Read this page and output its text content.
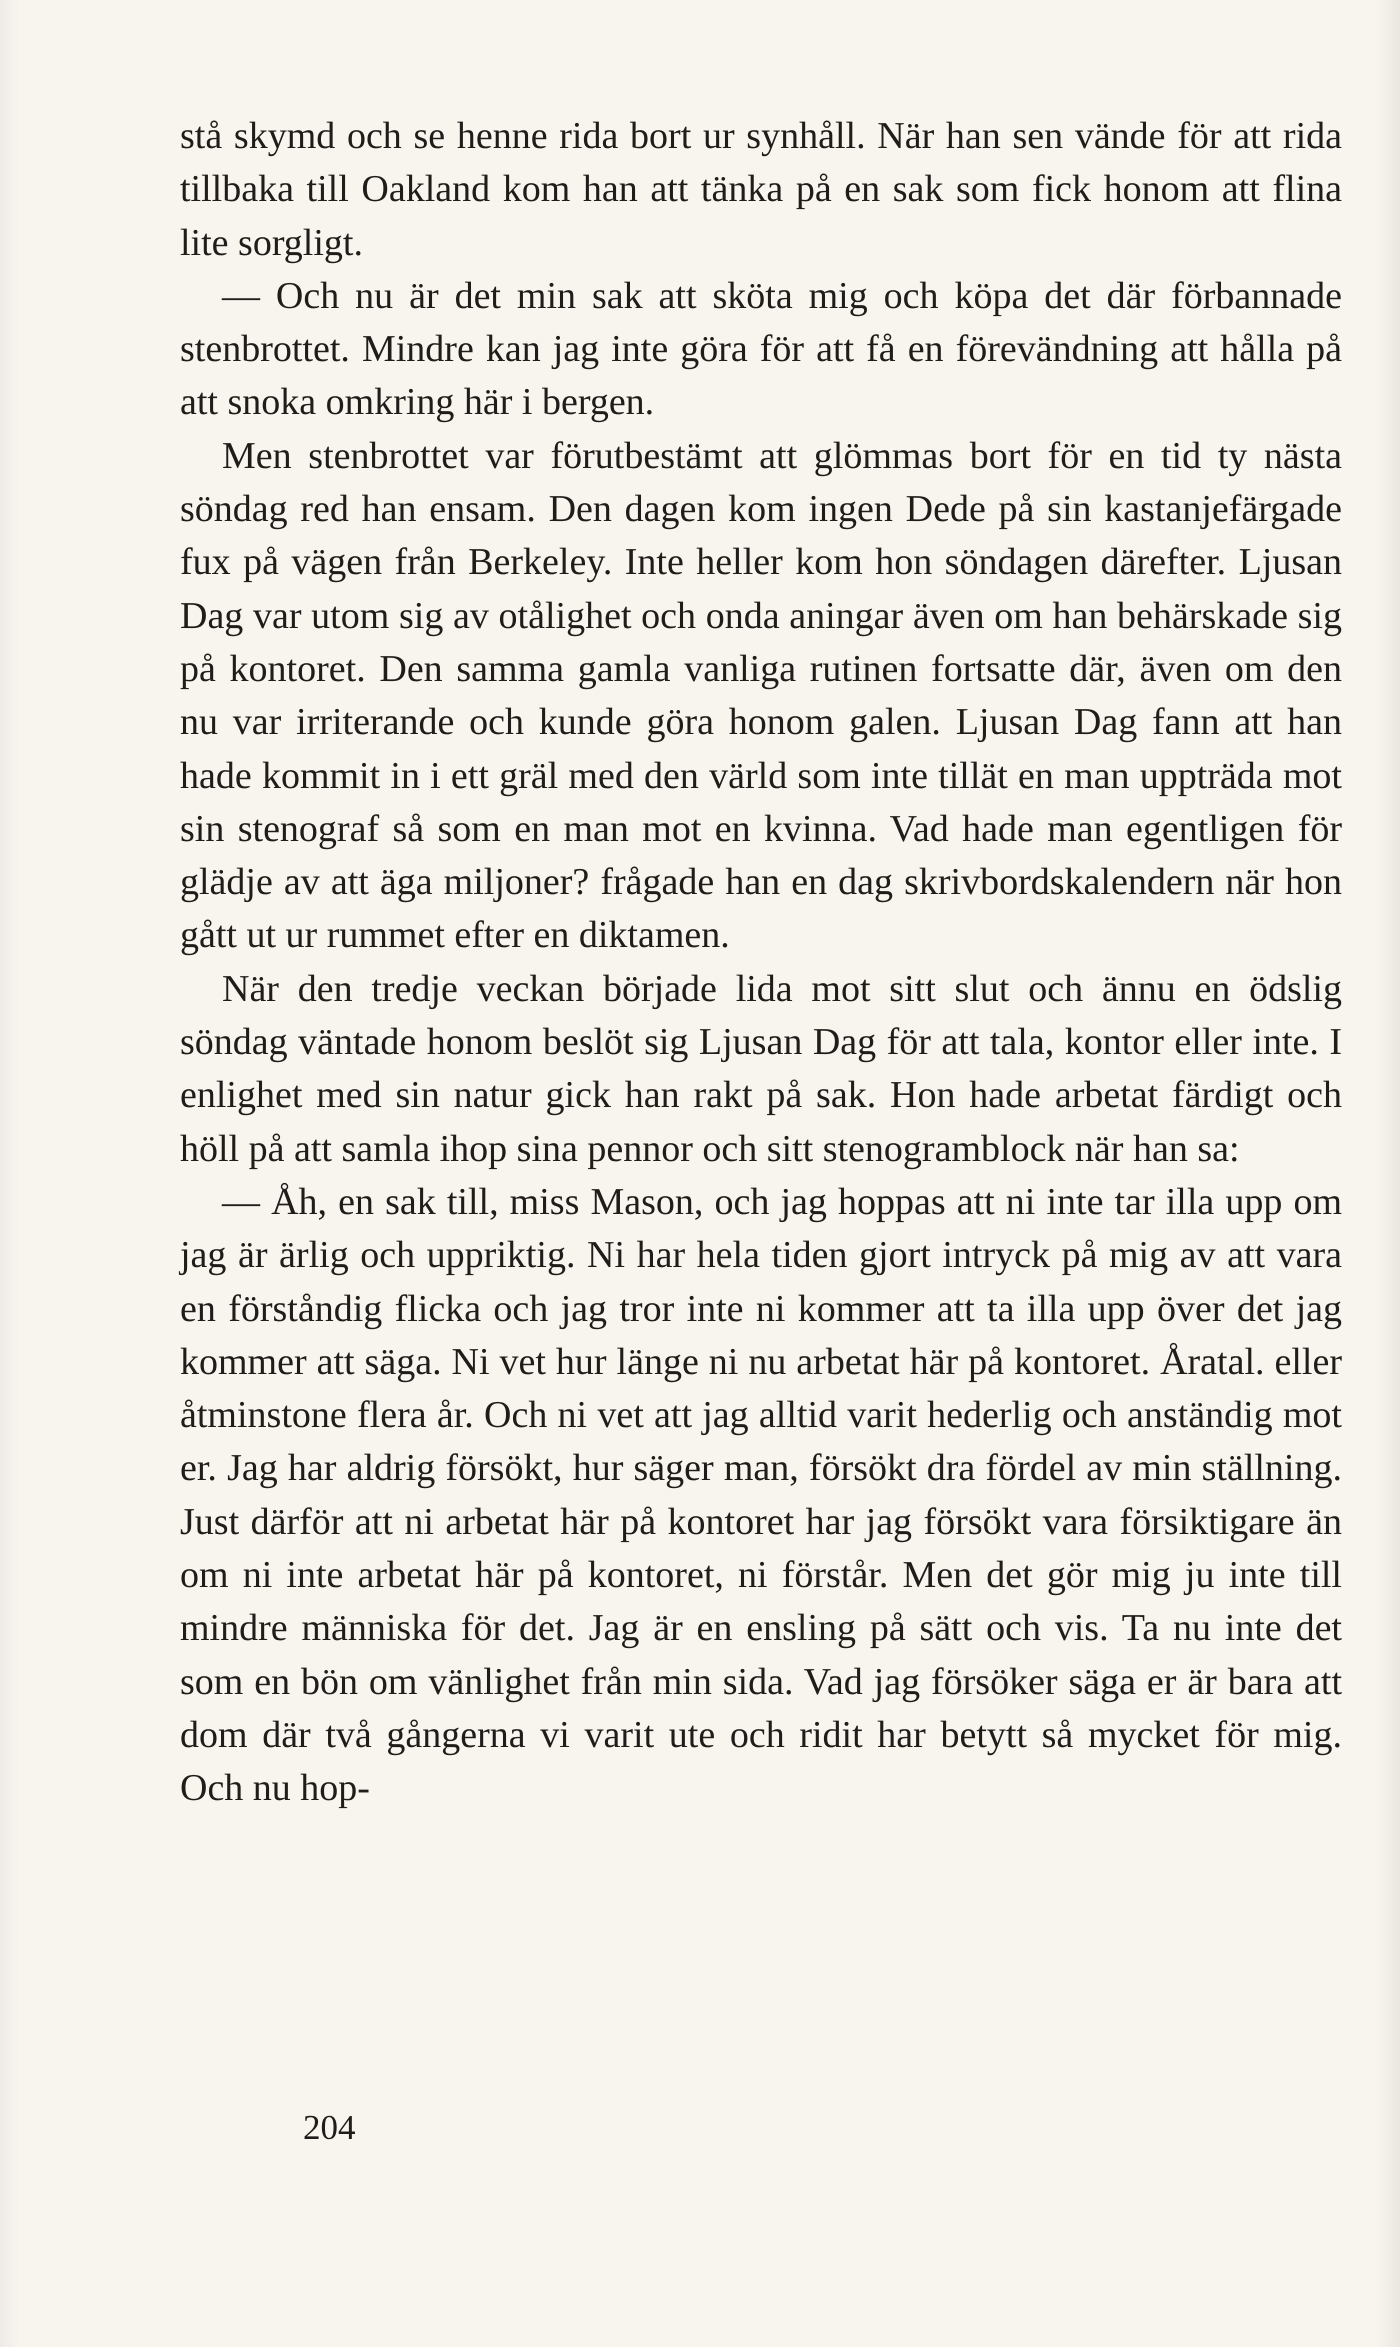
stå skymd och se henne rida bort ur synhåll. När han sen vände för att rida tillbaka till Oakland kom han att tänka på en sak som fick honom att flina lite sorgligt.

— Och nu är det min sak att sköta mig och köpa det där förbannade stenbrottet. Mindre kan jag inte göra för att få en förevändning att hålla på att snoka omkring här i bergen.

Men stenbrottet var förutbestämt att glömmas bort för en tid ty nästa söndag red han ensam. Den dagen kom ingen Dede på sin kastanjefärgade fux på vägen från Berkeley. Inte heller kom hon söndagen därefter. Ljusan Dag var utom sig av otålighet och onda aningar även om han behärskade sig på kontoret. Den samma gamla vanliga rutinen fortsatte där, även om den nu var irriterande och kunde göra honom galen. Ljusan Dag fann att han hade kommit in i ett gräl med den värld som inte tillät en man uppträda mot sin stenograf så som en man mot en kvinna. Vad hade man egentligen för glädje av att äga miljoner? frågade han en dag skrivbordskalendern när hon gått ut ur rummet efter en diktamen.

När den tredje veckan började lida mot sitt slut och ännu en ödslig söndag väntade honom beslöt sig Ljusan Dag för att tala, kontor eller inte. I enlighet med sin natur gick han rakt på sak. Hon hade arbetat färdigt och höll på att samla ihop sina pennor och sitt stenogramblock när han sa:

— Åh, en sak till, miss Mason, och jag hoppas att ni inte tar illa upp om jag är ärlig och uppriktig. Ni har hela tiden gjort intryck på mig av att vara en förståndig flicka och jag tror inte ni kommer att ta illa upp över det jag kommer att säga. Ni vet hur länge ni nu arbetat här på kontoret. Åratal. eller åtminstone flera år. Och ni vet att jag alltid varit hederlig och anständig mot er. Jag har aldrig försökt, hur säger man, försökt dra fördel av min ställning. Just därför att ni arbetat här på kontoret har jag försökt vara försiktigare än om ni inte arbetat här på kontoret, ni förstår. Men det gör mig ju inte till mindre människa för det. Jag är en ensling på sätt och vis. Ta nu inte det som en bön om vänlighet från min sida. Vad jag försöker säga er är bara att dom där två gångerna vi varit ute och ridit har betytt så mycket för mig. Och nu hop-

204
